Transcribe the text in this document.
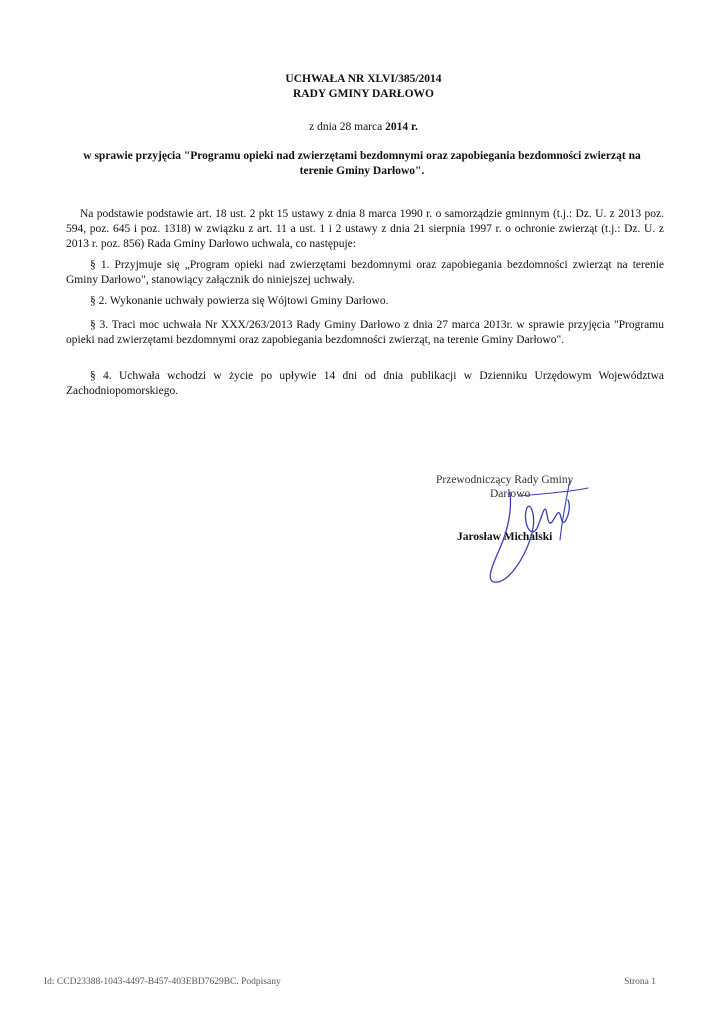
UCHWAŁA NR XLVI/385/2014
RADY GMINY DARŁOWO
z dnia 28 marca 2014 r.
w sprawie przyjęcia "Programu opieki nad zwierzętami bezdomnymi oraz zapobiegania bezdomności zwierząt na terenie Gminy Darłowo".
Na podstawie podstawie art. 18 ust. 2 pkt 15 ustawy z dnia 8 marca 1990 r. o samorządzie gminnym (t.j.: Dz. U. z 2013 poz. 594, poz. 645 i poz. 1318) w związku z art. 11 a ust. 1 i 2 ustawy z dnia 21 sierpnia 1997 r. o ochronie zwierząt (t.j.: Dz. U. z 2013 r. poz. 856) Rada Gminy Darłowo uchwala, co następuje:
§ 1. Przyjmuje się „Program opieki nad zwierzętami bezdomnymi oraz zapobiegania bezdomności zwierząt na terenie Gminy Darłowo", stanowiący załącznik do niniejszej uchwały.
§ 2. Wykonanie uchwały powierza się Wójtowi Gminy Darłowo.
§ 3. Traci moc uchwała Nr XXX/263/2013 Rady Gminy Darłowo z dnia 27 marca 2013r. w sprawie przyjęcia "Programu opieki nad zwierzętami bezdomnymi oraz zapobiegania bezdomności zwierząt, na terenie Gminy Darłowo".
§ 4. Uchwała wchodzi w życie po upływie 14 dni od dnia publikacji w Dzienniku Urzędowym Województwa Zachodniopomorskiego.
Przewodniczący Rady Gminy
Darłowo
Jarosław Michalski
Id: CCD23388-1043-4497-B457-403EBD7629BC. Podpisany	Strona 1
